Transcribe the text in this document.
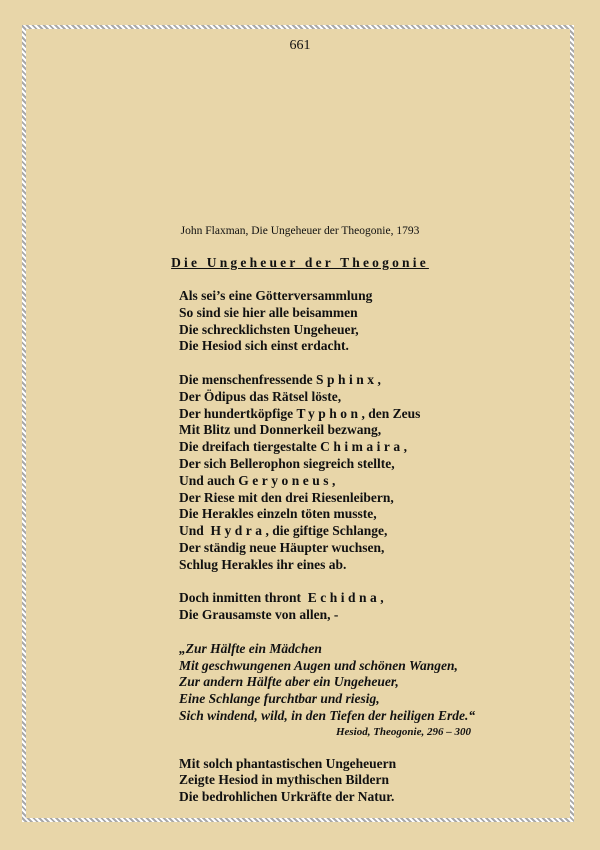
661
John Flaxman, Die Ungeheuer der Theogonie, 1793
Die Ungeheuer der Theogonie
Als sei’s eine Götterversammlung
So sind sie hier alle beisammen
Die schrecklichsten Ungeheuer,
Die Hesiod sich einst erdacht.
Die menschenfressende Sphinx,
Der Ödipus das Rätsel löste,
Der hundertköpfige Typhon, den Zeus
Mit Blitz und Donnerkeil bezwang,
Die dreifach tiergestalte Chimaira,
Der sich Bellerophon siegreich stellte,
Und auch Geryoneus,
Der Riese mit den drei Riesenleibern,
Die Herakles einzeln töten musste,
Und  Hydra, die giftige Schlange,
Der ständig neue Häupter wuchsen,
Schlug Herakles ihr eines ab.
Doch inmitten thront  Echidna,
Die Grausamste von allen, -
„Zur Hälfte ein Mädchen
Mit geschwungenen Augen und schönen Wangen,
Zur andern Hälfte aber ein Ungeheuer,
Eine Schlange furchtbar und riesig,
Sich windend, wild, in den Tiefen der heiligen Erde.“
Hesiod, Theogonie, 296 – 300
Mit solch phantastischen Ungeheuern
Zeigte Hesiod in mythischen Bildern
Die bedrohlichen Urkräfte der Natur.
